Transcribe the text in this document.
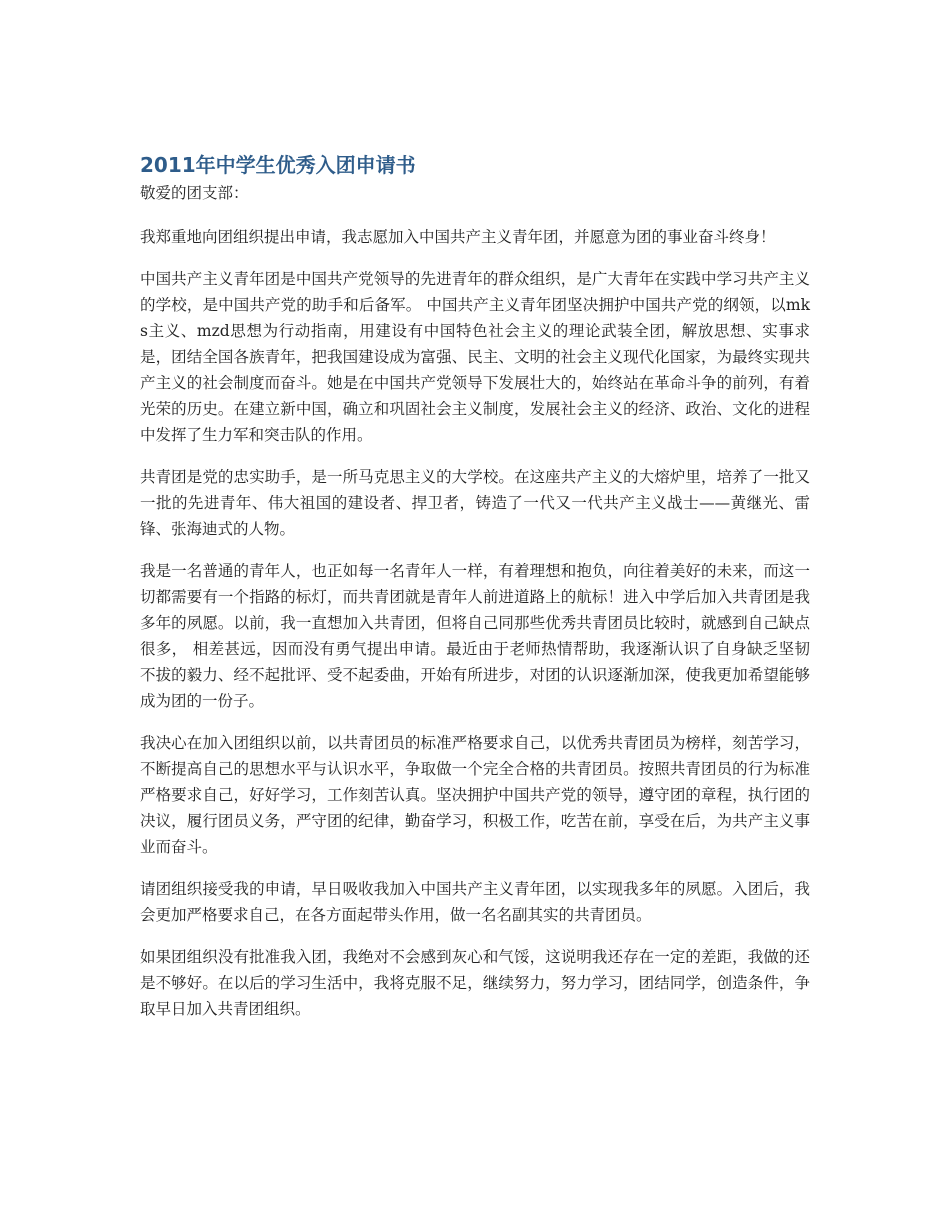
2011年中学生优秀入团申请书

敬爱的团支部：

我郑重地向团组织提出申请，我志愿加入中国共产主义青年团，并愿意为团的事业奋斗终身！

中国共产主义青年团是中国共产党领导的先进青年的群众组织，是广大青年在实践中学习共产主义的学校，是中国共产党的助手和后备军。 中国共产主义青年团坚决拥护中国共产党的纲领，以mks主义、mzd思想为行动指南，用建设有中国特色社会主义的理论武装全团，解放思想、实事求是，团结全国各族青年，把我国建设成为富强、民主、文明的社会主义现代化国家，为最终实现共产主义的社会制度而奋斗。她是在中国共产党领导下发展壮大的，始终站在革命斗争的前列，有着光荣的历史。在建立新中国，确立和巩固社会主义制度，发展社会主义的经济、政治、文化的进程中发挥了生力军和突击队的作用。

共青团是党的忠实助手，是一所马克思主义的大学校。在这座共产主义的大熔炉里，培养了一批又一批的先进青年、伟大祖国的建设者、捍卫者，铸造了一代又一代共产主义战士——黄继光、雷锋、张海迪式的人物。

我是一名普通的青年人，也正如每一名青年人一样，有着理想和抱负，向往着美好的未来，而这一切都需要有一个指路的标灯，而共青团就是青年人前进道路上的航标！进入中学后加入共青团是我多年的夙愿。以前，我一直想加入共青团，但将自己同那些优秀共青团员比较时，就感到自己缺点很多， 相差甚远，因而没有勇气提出申请。最近由于老师热情帮助，我逐渐认识了自身缺乏坚韧不拔的毅力、经不起批评、受不起委曲，开始有所进步，对团的认识逐渐加深，使我更加希望能够成为团的一份子。

我决心在加入团组织以前，以共青团员的标准严格要求自己，以优秀共青团员为榜样，刻苦学习，不断提高自己的思想水平与认识水平，争取做一个完全合格的共青团员。按照共青团员的行为标准严格要求自己，好好学习，工作刻苦认真。坚决拥护中国共产党的领导，遵守团的章程，执行团的决议，履行团员义务，严守团的纪律，勤奋学习，积极工作，吃苦在前，享受在后，为共产主义事业而奋斗。

请团组织接受我的申请，早日吸收我加入中国共产主义青年团，以实现我多年的夙愿。入团后，我会更加严格要求自己，在各方面起带头作用，做一名名副其实的共青团员。

如果团组织没有批准我入团，我绝对不会感到灰心和气馁，这说明我还存在一定的差距，我做的还是不够好。在以后的学习生活中，我将克服不足，继续努力，努力学习，团结同学，创造条件，争取早日加入共青团组织。
